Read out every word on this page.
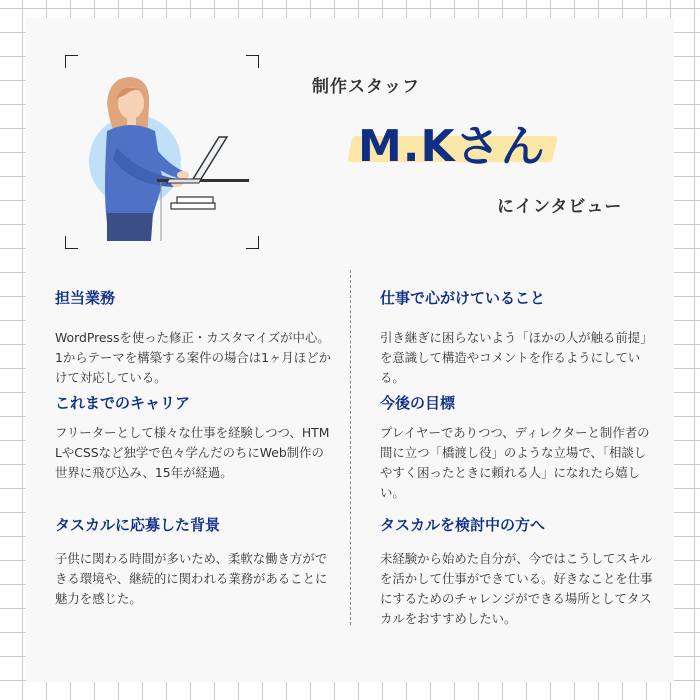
制作スタッフ
M.Kさん
にインタビュー
担当業務

WordPressを使った修正・カスタマイズが中心。1からテーマを構築する案件の場合は1ヶ月ほどかけて対応している。

これまでのキャリア

フリーターとして様々な仕事を経験しつつ、HTMLやCSSなど独学で色々学んだのちにWeb制作の世界に飛び込み、15年が経過。

タスカルに応募した背景

子供に関わる時間が多いため、柔軟な働き方ができる環境や、継続的に関われる業務があることに魅力を感じた。

仕事で心がけていること

引き継ぎに困らないよう「ほかの人が触る前提」を意識して構造やコメントを作るようにしている。

今後の目標

プレイヤーでありつつ、ディレクターと制作者の間に立つ「橋渡し役」のような立場で、「相談しやすく困ったときに頼れる人」になれたら嬉しい。

タスカルを検討中の方へ

未経験から始めた自分が、今ではこうしてスキルを活かして仕事ができている。好きなことを仕事にするためのチャレンジができる場所としてタスカルをおすすめしたい。
